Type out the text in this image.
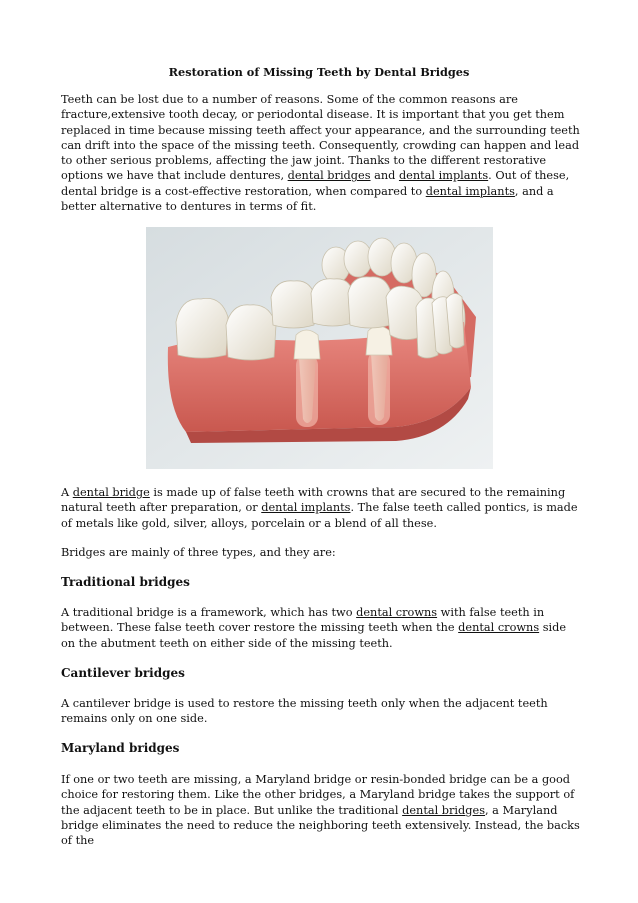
Restoration of Missing Teeth by Dental Bridges

Teeth can be lost due to a number of reasons. Some of the common reasons are fracture,extensive tooth decay, or periodontal disease. It is important that you get them replaced in time because missing teeth affect your appearance, and the surrounding teeth can drift into the space of the missing teeth. Consequently, crowding can happen and lead to other serious problems, affecting the jaw joint. Thanks to the different restorative options we have that include dentures, dental bridges and dental implants. Out of these, dental bridge is a cost-effective restoration, when compared to dental implants, and a better alternative to dentures in terms of fit.

A dental bridge is made up of false teeth with crowns that are secured to the remaining natural teeth after preparation, or dental implants. The false teeth called pontics, is made of metals like gold, silver, alloys, porcelain or a blend of all these.

Bridges are mainly of three types, and they are:

Traditional bridges

A traditional bridge is a framework, which has two dental crowns with false teeth in between. These false teeth cover restore the missing teeth when the dental crowns side on the abutment teeth on either side of the missing teeth.

Cantilever bridges

A cantilever bridge is used to restore the missing teeth only when the adjacent teeth remains only on one side.

Maryland bridges

If one or two teeth are missing, a Maryland bridge or resin-bonded bridge can be a good choice for restoring them. Like the other bridges, a Maryland bridge takes the support of the adjacent teeth to be in place. But unlike the traditional dental bridges, a Maryland bridge eliminates the need to reduce the neighboring teeth extensively. Instead, the backs of the
